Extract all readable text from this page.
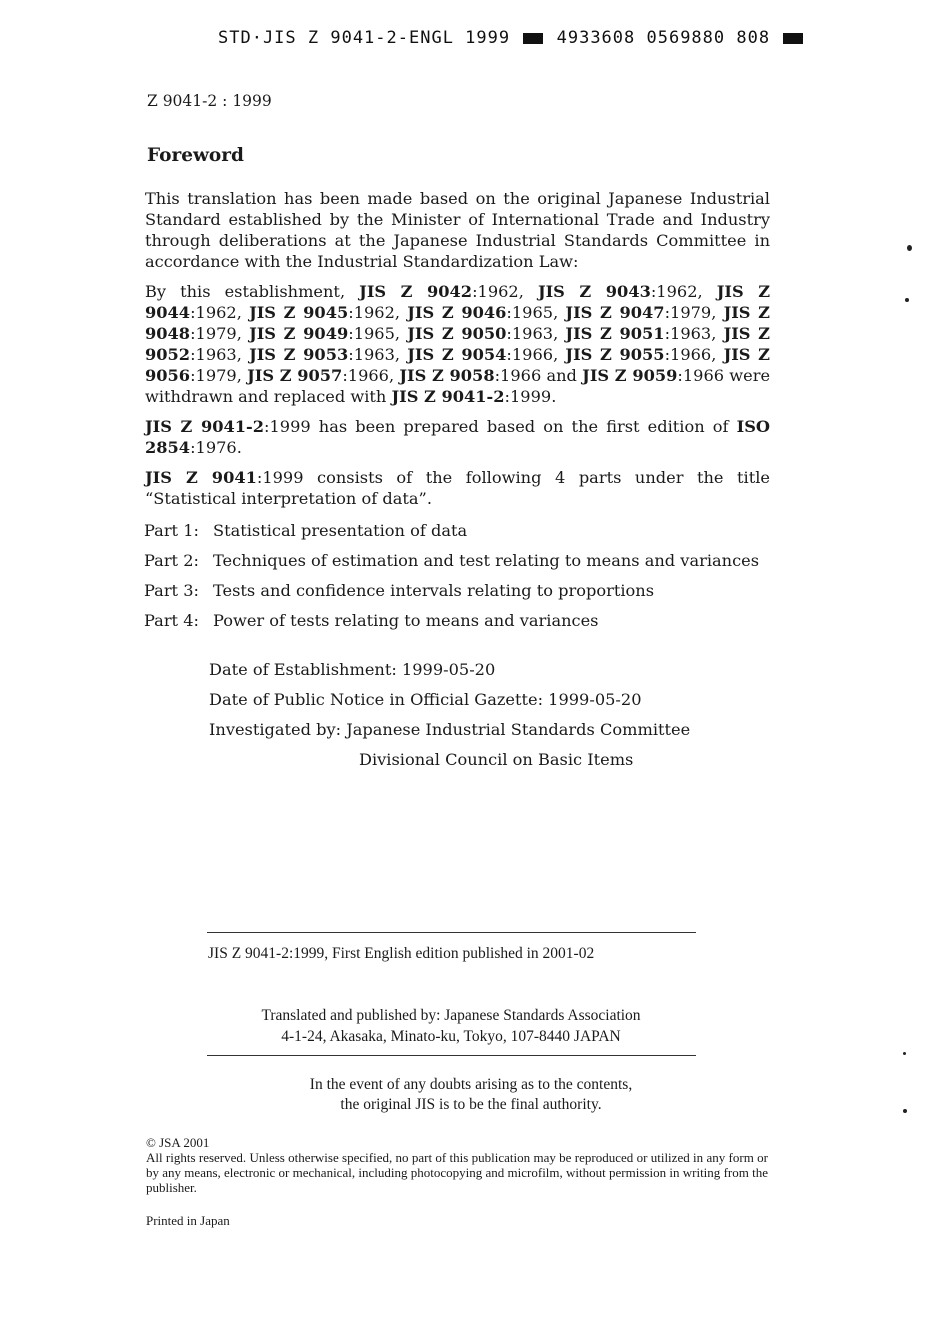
STD·JIS Z 9041-2-ENGL 1999	4933608 0569880 808
Z 9041-2 : 1999
Foreword

This translation has been made based on the original Japanese Industrial Standard established by the Minister of International Trade and Industry through deliberations at the Japanese Industrial Standards Committee in accordance with the Industrial Standardization Law:

By this establishment, JIS Z 9042:1962, JIS Z 9043:1962, JIS Z 9044:1962, JIS Z 9045:1962, JIS Z 9046:1965, JIS Z 9047:1979, JIS Z 9048:1979, JIS Z 9049:1965, JIS Z 9050:1963, JIS Z 9051:1963, JIS Z 9052:1963, JIS Z 9053:1963, JIS Z 9054:1966, JIS Z 9055:1966, JIS Z 9056:1979, JIS Z 9057:1966, JIS Z 9058:1966 and JIS Z 9059:1966 were withdrawn and replaced with JIS Z 9041-2:1999.

JIS Z 9041-2:1999 has been prepared based on the first edition of ISO 2854:1976.

JIS Z 9041:1999 consists of the following 4 parts under the title “Statistical interpretation of data”.

Part 1: Statistical presentation of data
Part 2: Techniques of estimation and test relating to means and variances
Part 3: Tests and confidence intervals relating to proportions
Part 4: Power of tests relating to means and variances
Date of Establishment: 1999-05-20
Date of Public Notice in Official Gazette: 1999-05-20
Investigated by: Japanese Industrial Standards Committee
Divisional Council on Basic Items
JIS Z 9041-2:1999, First English edition published in 2001-02
Translated and published by: Japanese Standards Association
4-1-24, Akasaka, Minato-ku, Tokyo, 107-8440 JAPAN
In the event of any doubts arising as to the contents,
the original JIS is to be the final authority.
© JSA 2001
All rights reserved. Unless otherwise specified, no part of this publication may be reproduced or utilized in any form or by any means, electronic or mechanical, including photocopying and microfilm, without permission in writing from the publisher.
Printed in Japan
